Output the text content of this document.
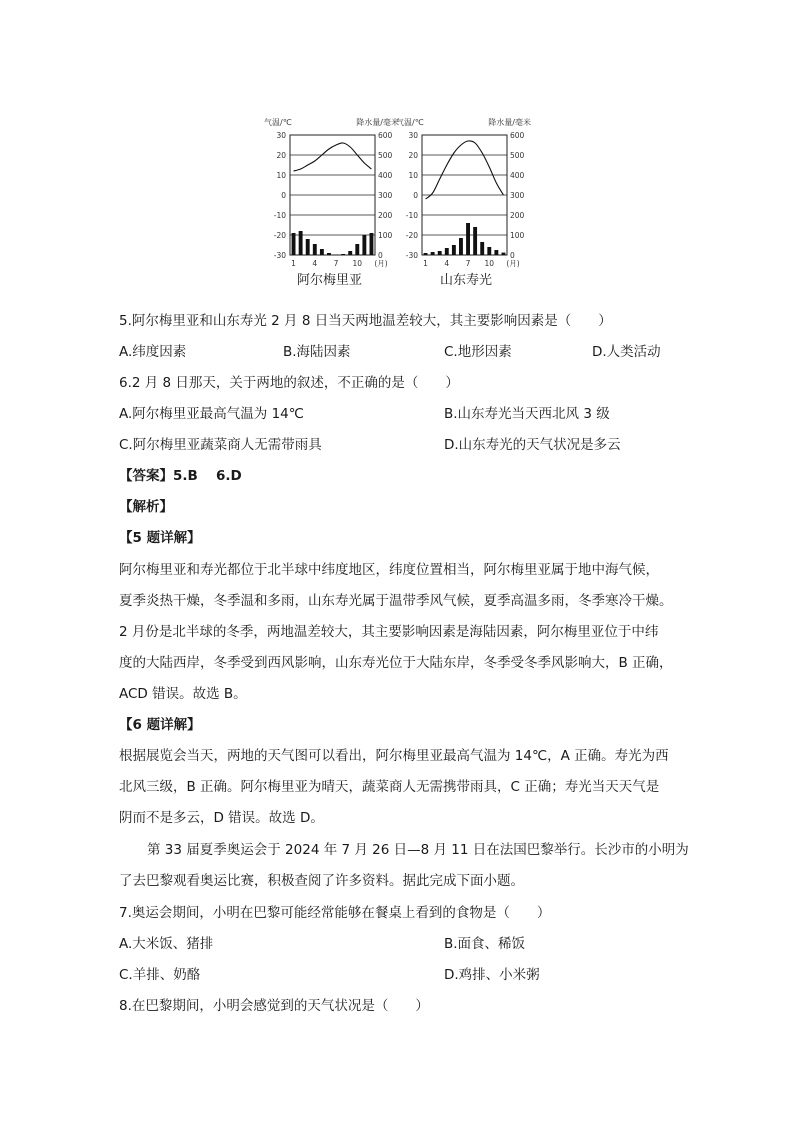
气温/℃	降水量/毫米
30	600
20	500
10	400
0	300
-10	200
-20	100
-30	0
1 4 7 10 (月)
气温/℃	降水量/毫米
30	600
20	500
10	400
0	300
-10	200
-20	100
-30	0
1 4 7 10 (月)
阿尔梅里亚	山东寿光
5.阿尔梅里亚和山东寿光 2 月 8 日当天两地温差较大，其主要影响因素是（　　）
A.纬度因素	B.海陆因素	C.地形因素	D.人类活动
6.2 月 8 日那天，关于两地的叙述，不正确的是（　　）
A.阿尔梅里亚最高气温为 14℃	B.山东寿光当天西北风 3 级
C.阿尔梅里亚蔬菜商人无需带雨具	D.山东寿光的天气状况是多云
【答案】5.B　 6.D
【解析】
【5 题详解】
阿尔梅里亚和寿光都位于北半球中纬度地区，纬度位置相当，阿尔梅里亚属于地中海气候，
夏季炎热干燥，冬季温和多雨，山东寿光属于温带季风气候，夏季高温多雨，冬季寒冷干燥。
2 月份是北半球的冬季，两地温差较大，其主要影响因素是海陆因素，阿尔梅里亚位于中纬
度的大陆西岸，冬季受到西风影响，山东寿光位于大陆东岸，冬季受冬季风影响大，B 正确，
ACD 错误。故选 B。
【6 题详解】
根据展览会当天，两地的天气图可以看出，阿尔梅里亚最高气温为 14℃，A 正确。寿光为西
北风三级，B 正确。阿尔梅里亚为晴天，蔬菜商人无需携带雨具，C 正确；寿光当天天气是
阴而不是多云，D 错误。故选 D。
第 33 届夏季奥运会于 2024 年 7 月 26 日—8 月 11 日在法国巴黎举行。长沙市的小明为
了去巴黎观看奥运比赛，积极查阅了许多资料。据此完成下面小题。
7.奥运会期间，小明在巴黎可能经常能够在餐桌上看到的食物是（　　）
A.大米饭、猪排	B.面食、稀饭
C.羊排、奶酪	D.鸡排、小米粥
8.在巴黎期间，小明会感觉到的天气状况是（　　）
